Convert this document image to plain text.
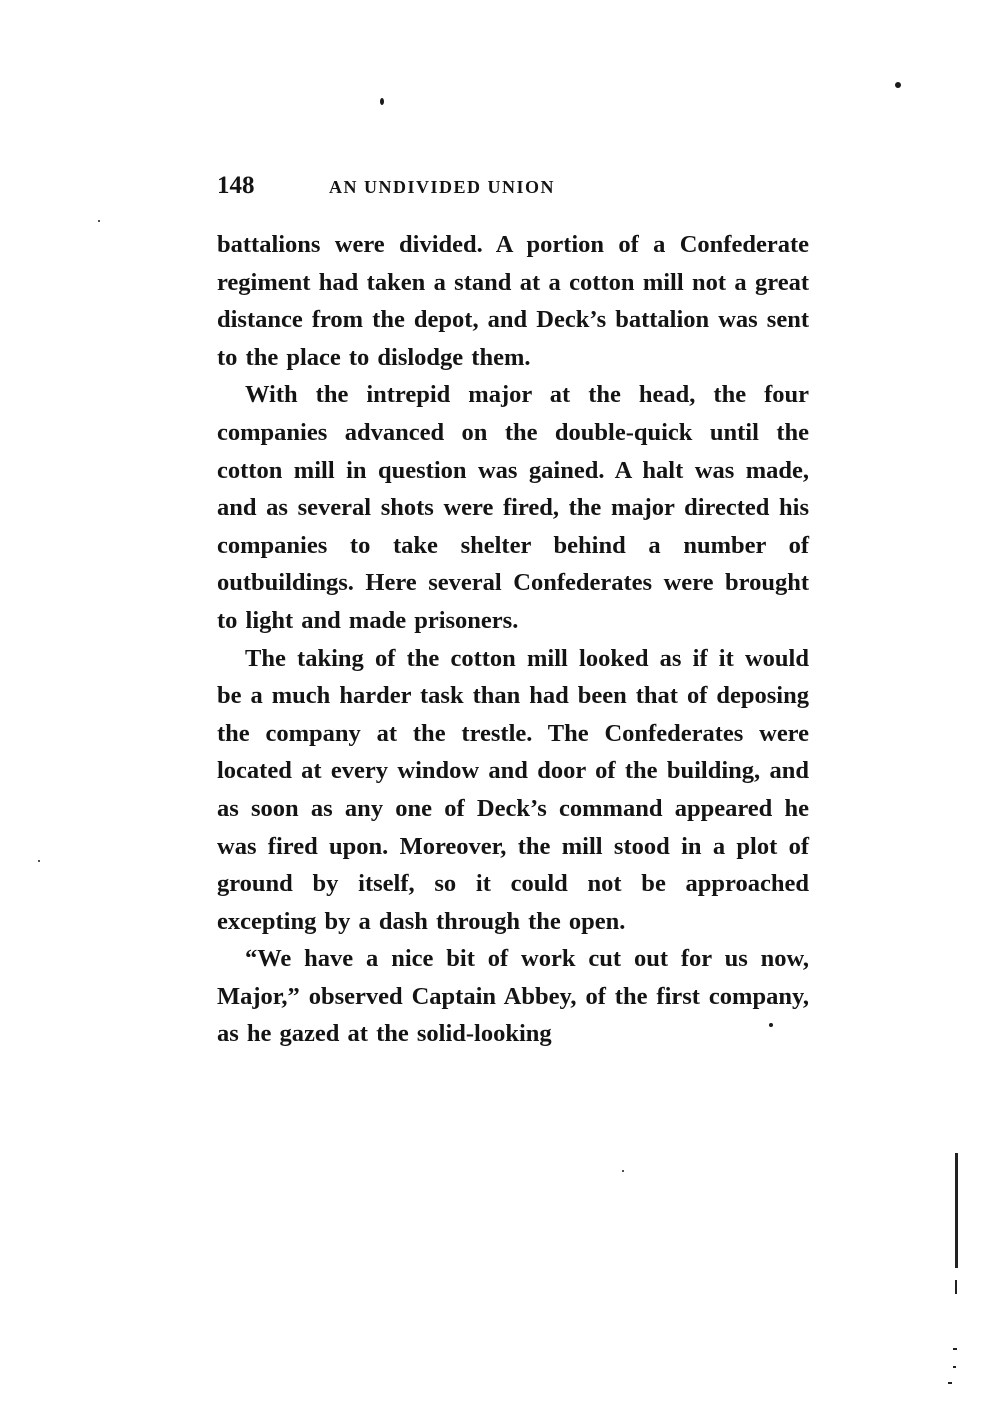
148	AN UNDIVIDED UNION

battalions were divided. A portion of a Confederate regiment had taken a stand at a cotton mill not a great distance from the depot, and Deck’s battalion was sent to the place to dislodge them.

With the intrepid major at the head, the four companies advanced on the double-quick until the cotton mill in question was gained. A halt was made, and as several shots were fired, the major directed his companies to take shelter behind a number of outbuildings. Here several Confederates were brought to light and made prisoners.

The taking of the cotton mill looked as if it would be a much harder task than had been that of deposing the company at the trestle. The Confederates were located at every window and door of the building, and as soon as any one of Deck’s command appeared he was fired upon. Moreover, the mill stood in a plot of ground by itself, so it could not be approached excepting by a dash through the open.

“We have a nice bit of work cut out for us now, Major,” observed Captain Abbey, of the first company, as he gazed at the solid-looking
